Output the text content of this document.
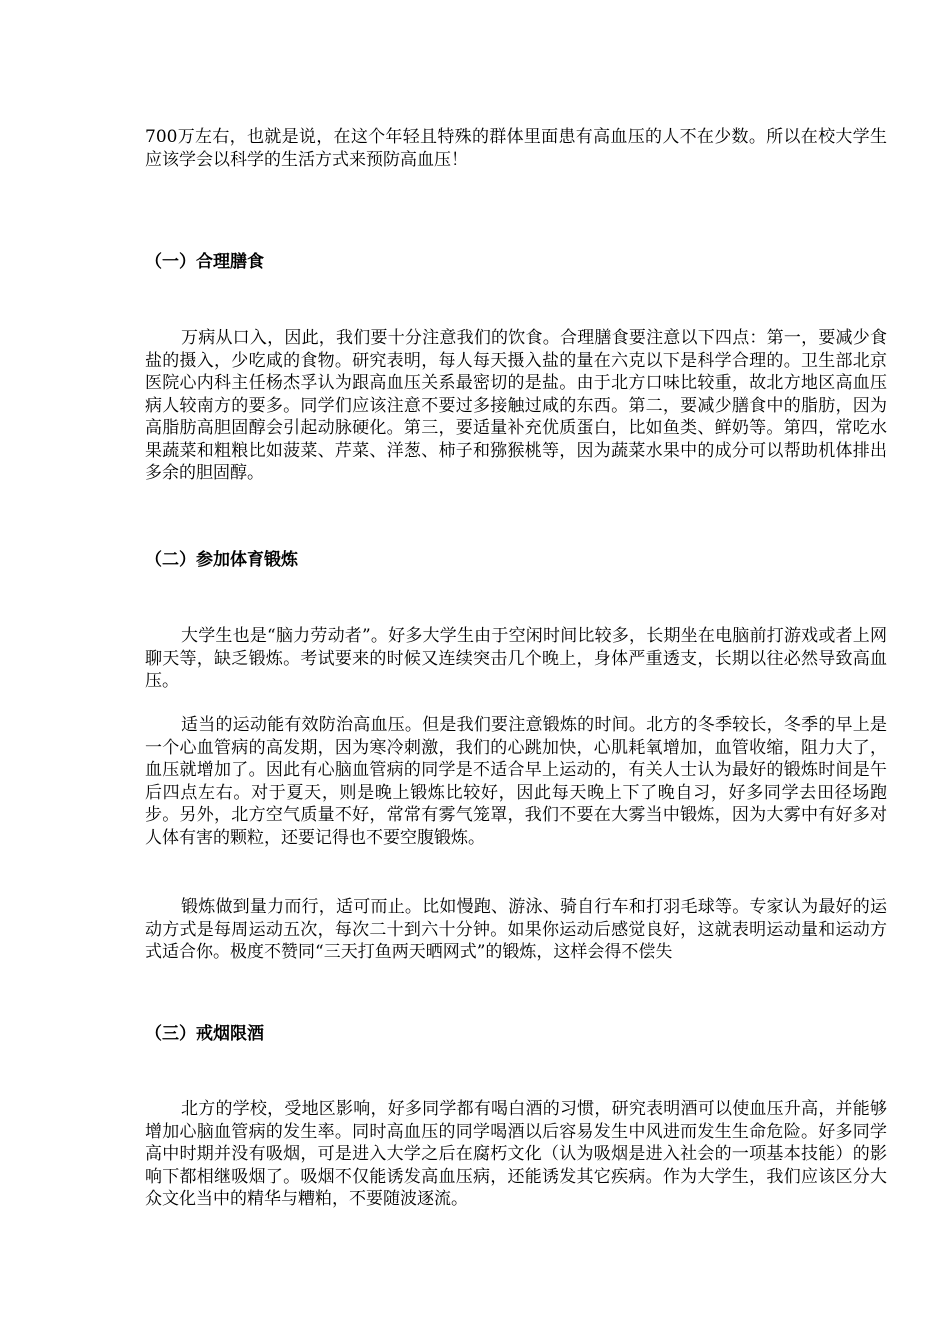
700万左右，也就是说，在这个年轻且特殊的群体里面患有高血压的人不在少数。所以在校大学生应该学会以科学的生活方式来预防高血压！

（一）合理膳食

万病从口入，因此，我们要十分注意我们的饮食。合理膳食要注意以下四点：第一，要减少食盐的摄入，少吃咸的食物。研究表明，每人每天摄入盐的量在六克以下是科学合理的。卫生部北京医院心内科主任杨杰孚认为跟高血压关系最密切的是盐。由于北方口味比较重，故北方地区高血压病人较南方的要多。同学们应该注意不要过多接触过咸的东西。第二，要减少膳食中的脂肪，因为高脂肪高胆固醇会引起动脉硬化。第三，要适量补充优质蛋白，比如鱼类、鲜奶等。第四，常吃水果蔬菜和粗粮比如菠菜、芹菜、洋葱、柿子和猕猴桃等，因为蔬菜水果中的成分可以帮助机体排出多余的胆固醇。

（二）参加体育锻炼

大学生也是“脑力劳动者”。好多大学生由于空闲时间比较多，长期坐在电脑前打游戏或者上网聊天等，缺乏锻炼。考试要来的时候又连续突击几个晚上，身体严重透支，长期以往必然导致高血压。

适当的运动能有效防治高血压。但是我们要注意锻炼的时间。北方的冬季较长，冬季的早上是一个心血管病的高发期，因为寒冷刺激，我们的心跳加快，心肌耗氧增加，血管收缩，阻力大了，血压就增加了。因此有心脑血管病的同学是不适合早上运动的，有关人士认为最好的锻炼时间是午后四点左右。对于夏天，则是晚上锻炼比较好，因此每天晚上下了晚自习，好多同学去田径场跑步。另外，北方空气质量不好，常常有雾气笼罩，我们不要在大雾当中锻炼，因为大雾中有好多对人体有害的颗粒，还要记得也不要空腹锻炼。

锻炼做到量力而行，适可而止。比如慢跑、游泳、骑自行车和打羽毛球等。专家认为最好的运动方式是每周运动五次，每次二十到六十分钟。如果你运动后感觉良好，这就表明运动量和运动方式适合你。极度不赞同“三天打鱼两天晒网式”的锻炼，这样会得不偿失

（三）戒烟限酒

北方的学校，受地区影响，好多同学都有喝白酒的习惯，研究表明酒可以使血压升高，并能够增加心脑血管病的发生率。同时高血压的同学喝酒以后容易发生中风进而发生生命危险。好多同学高中时期并没有吸烟，可是进入大学之后在腐朽文化（认为吸烟是进入社会的一项基本技能）的影响下都相继吸烟了。吸烟不仅能诱发高血压病，还能诱发其它疾病。作为大学生，我们应该区分大众文化当中的精华与糟粕，不要随波逐流。
